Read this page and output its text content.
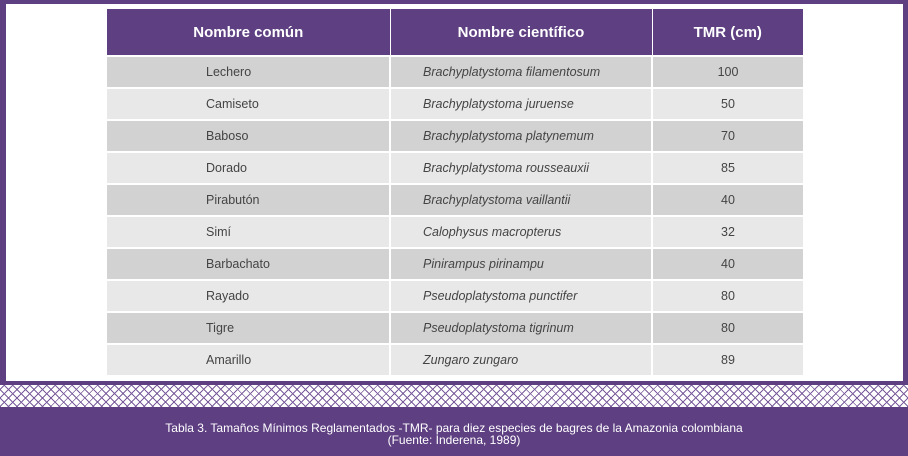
Nombre común	Nombre científico	TMR (cm)

Lechero	Brachyplatystoma filamentosum	100
Camiseto	Brachyplatystoma juruense	50
Baboso	Brachyplatystoma platynemum	70
Dorado	Brachyplatystoma rousseauxii	85
Pirabutón	Brachyplatystoma vaillantii	40
Simí	Calophysus macropterus	32
Barbachato	Pinirampus pirinampu	40
Rayado	Pseudoplatystoma punctifer	80
Tigre	Pseudoplatystoma tigrinum	80
Amarillo	Zungaro zungaro	89
Tabla 3. Tamaños Mínimos Reglamentados -TMR- para diez especies de bagres de la Amazonia colombiana
(Fuente: Inderena, 1989)
